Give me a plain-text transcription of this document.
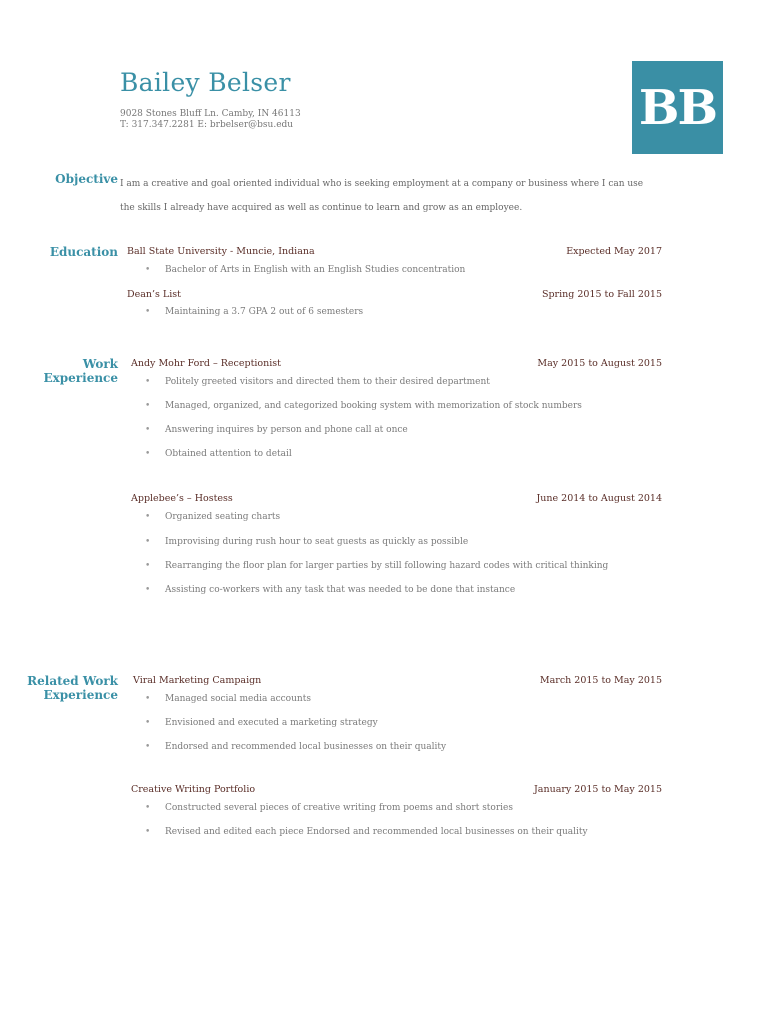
Bailey Belser
9028 Stones Bluff Ln. Camby, IN 46113
T: 317.347.2281 E: brbelser@bsu.edu	BB
Objective I am a creative and goal oriented individual who is seeking employment at a company or business where I can use the skills I already have acquired as well as continue to learn and grow as an employee.
Education Ball State University - Muncie, Indiana	Expected May 2017
• Bachelor of Arts in English with an English Studies concentration
Dean’s List	Spring 2015 to Fall 2015
• Maintaining a 3.7 GPA 2 out of 6 semesters
Work Experience
Andy Mohr Ford – Receptionist	May 2015 to August 2015
• Politely greeted visitors and directed them to their desired department
• Managed, organized, and categorized booking system with memorization of stock numbers
• Answering inquires by person and phone call at once
• Obtained attention to detail
Applebee’s – Hostess	June 2014 to August 2014
• Organized seating charts
• Improvising during rush hour to seat guests as quickly as possible
• Rearranging the floor plan for larger parties by still following hazard codes with critical thinking
• Assisting co-workers with any task that was needed to be done that instance
Related Work
Experience
Viral Marketing Campaign	March 2015 to May 2015
• Managed social media accounts
• Envisioned and executed a marketing strategy
• Endorsed and recommended local businesses on their quality
Creative Writing Portfolio	January 2015 to May 2015
• Constructed several pieces of creative writing from poems and short stories
• Revised and edited each piece Endorsed and recommended local businesses on their quality
